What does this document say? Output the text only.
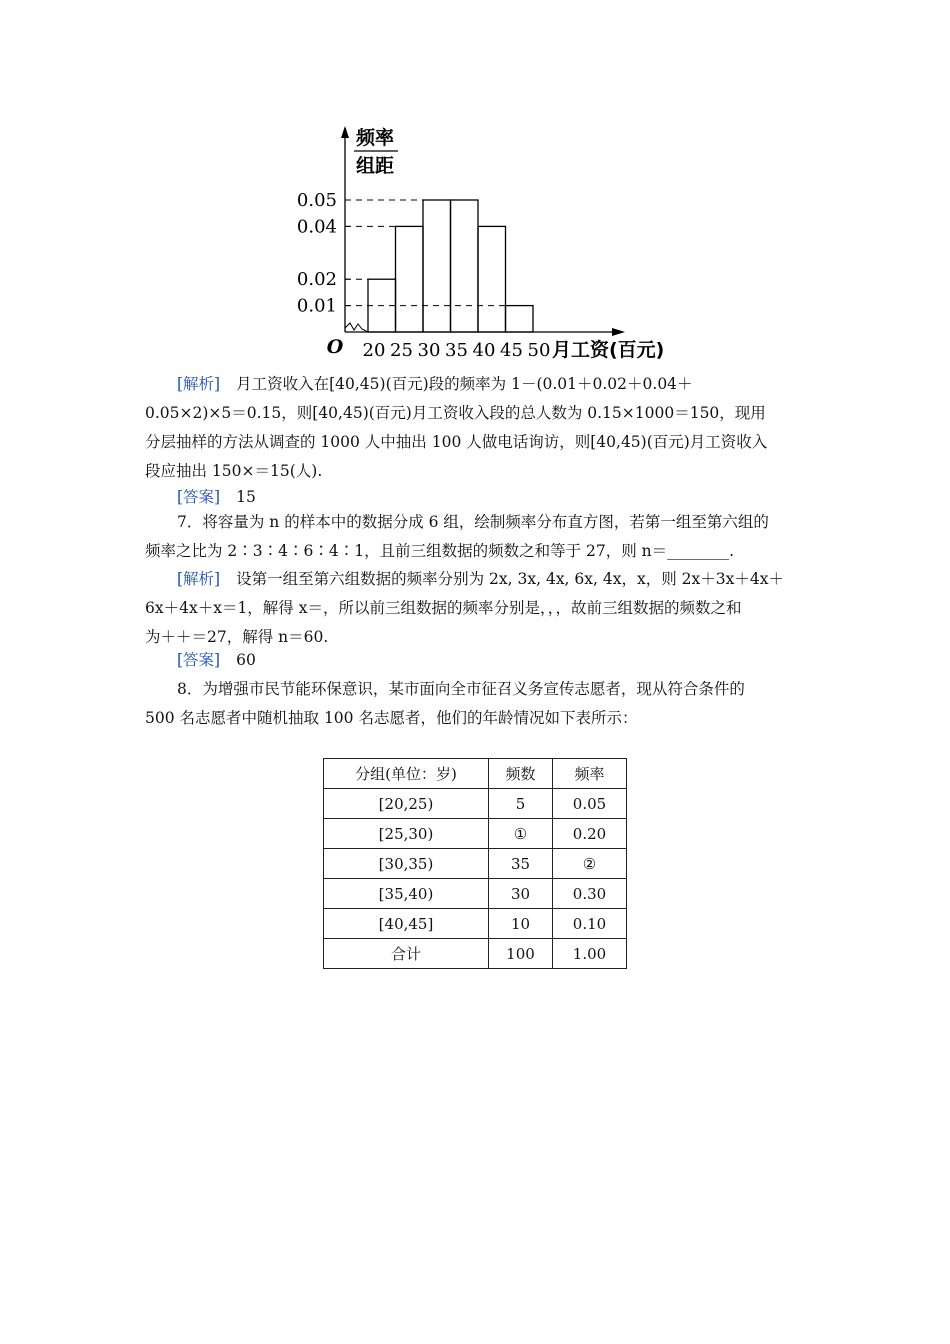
频率
组距
0.01
0.02
0.04
0.05
20 25 30 35 40 45 50
O	月工资(百元)
[解析] 月工资收入在[40,45)(百元)段的频率为 1－(0.01＋0.02＋0.04＋
0.05×2)×5＝0.15，则[40,45)(百元)月工资收入段的总人数为 0.15×1000＝150，现用
分层抽样的方法从调查的 1000 人中抽出 100 人做电话询访，则[40,45)(百元)月工资收入
段应抽出 150×＝15(人).
[答案] 15
7．将容量为 n 的样本中的数据分成 6 组，绘制频率分布直方图，若第一组至第六组的
频率之比为 2∶3∶4∶6∶4∶1，且前三组数据的频数之和等于 27，则 n＝________.
[解析] 设第一组至第六组数据的频率分别为 2x, 3x, 4x, 6x, 4x，x，则 2x＋3x＋4x＋
6x＋4x＋x＝1，解得 x＝，所以前三组数据的频率分别是，，，故前三组数据的频数之和
为＋＋＝27，解得 n＝60.
[答案] 60
8．为增强市民节能环保意识，某市面向全市征召义务宣传志愿者，现从符合条件的
500 名志愿者中随机抽取 100 名志愿者，他们的年龄情况如下表所示：
分组(单位：岁)	频数	频率
[20,25)	5	0.05
[25,30)	①	0.20
[30,35)	35	②
[35,40)	30	0.30
[40,45]	10	0.10
合计	100	1.00
